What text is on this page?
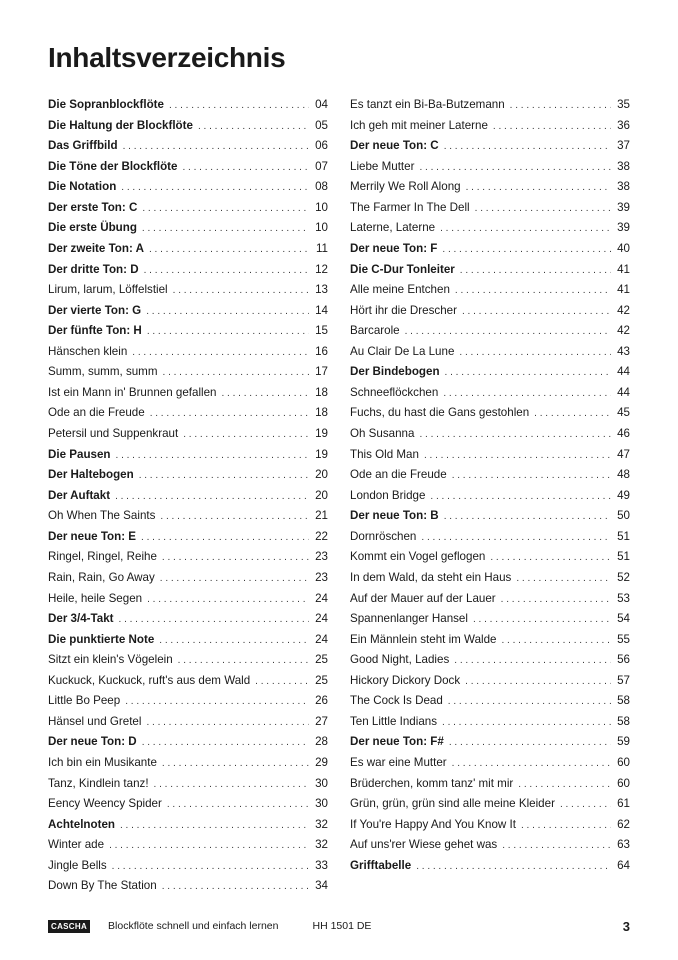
Inhaltsverzeichnis
Die Sopranblockflöte . . .	04
Die Haltung der Blockflöte . . .	05
Das Griffbild . . .	06
Die Töne der Blockflöte . . .	07
Die Notation . . .	08
Der erste Ton: C . . .	10
Die erste Übung . . .	10
Der zweite Ton: A . . .	11
Der dritte Ton: D . . .	12
Lirum, larum, Löffelstiel . . .	13
Der vierte Ton: G . . .	14
Der fünfte Ton: H . . .	15
Hänschen klein . . .	16
Summ, summ, summ . . .	17
Ist ein Mann in' Brunnen gefallen . . .	18
Ode an die Freude . . .	18
Petersil und Suppenkraut . . .	19
Die Pausen . . .	19
Der Haltebogen . . .	20
Der Auftakt . . .	20
Oh When The Saints . . .	21
Der neue Ton: E . . .	22
Ringel, Ringel, Reihe . . .	23
Rain, Rain, Go Away . . .	23
Heile, heile Segen . . .	24
Der 3/4-Takt . . .	24
Die punktierte Note . . .	24
Sitzt ein klein's Vögelein . . .	25
Kuckuck, Kuckuck, ruft's aus dem Wald . . .	25
Little Bo Peep . . .	26
Hänsel und Gretel . . .	27
Der neue Ton: D . . .	28
Ich bin ein Musikante . . .	29
Tanz, Kindlein tanz! . . .	30
Eency Weency Spider . . .	30
Achtelnoten . . .	32
Winter ade . . .	32
Jingle Bells . . .	33
Down By The Station . . .	34
Es tanzt ein Bi-Ba-Butzemann . . .	35
Ich geh mit meiner Laterne . . .	36
Der neue Ton: C . . .	37
Liebe Mutter . . .	38
Merrily We Roll Along . . .	38
The Farmer In The Dell . . .	39
Laterne, Laterne . . .	39
Der neue Ton: F . . .	40
Die C-Dur Tonleiter . . .	41
Alle meine Entchen . . .	41
Hört ihr die Drescher . . .	42
Barcarole . . .	42
Au Clair De La Lune . . .	43
Der Bindebogen . . .	44
Schneeflöckchen . . .	44
Fuchs, du hast die Gans gestohlen . . .	45
Oh Susanna . . .	46
This Old Man . . .	47
Ode an die Freude . . .	48
London Bridge . . .	49
Der neue Ton: B . . .	50
Dornröschen . . .	51
Kommt ein Vogel geflogen . . .	51
In dem Wald, da steht ein Haus . . .	52
Auf der Mauer auf der Lauer . . .	53
Spannenlanger Hansel . . .	54
Ein Männlein steht im Walde . . .	55
Good Night, Ladies . . .	56
Hickory Dickory Dock . . .	57
The Cock Is Dead . . .	58
Ten Little Indians . . .	58
Der neue Ton: F# . . .	59
Es war eine Mutter . . .	60
Brüderchen, komm tanz' mit mir . . .	60
Grün, grün, grün sind alle meine Kleider . . .	61
If You're Happy And You Know It . . .	62
Auf uns'rer Wiese gehet was . . .	63
Grifftabelle . . .	64
CASCHA Blockflöte schnell und einfach lernen	HH 1501 DE	3
